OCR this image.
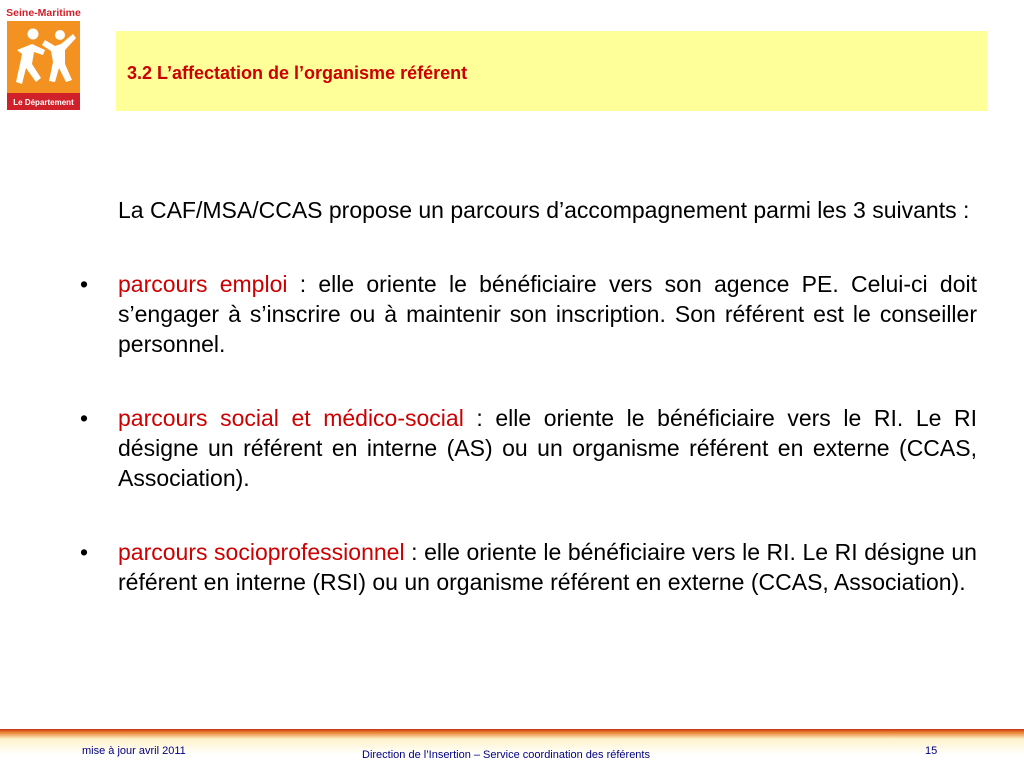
Seine-Maritime
Le Département
3.2 L’affectation de l’organisme référent

La CAF/MSA/CCAS propose un parcours d’accompagnement parmi les 3 suivants :

• parcours emploi : elle oriente le bénéficiaire vers son agence PE. Celui-ci doit s’engager à s’inscrire ou à maintenir son inscription. Son référent est le conseiller personnel.
• parcours social et médico-social : elle oriente le bénéficiaire vers le RI. Le RI désigne un référent en interne (AS) ou un organisme référent en externe (CCAS, Association).
• parcours socioprofessionnel : elle oriente le bénéficiaire vers le RI. Le RI désigne un référent en interne (RSI) ou un organisme référent en externe (CCAS, Association).
mise à jour avril 2011	Direction de l’Insertion – Service coordination des référents	15
